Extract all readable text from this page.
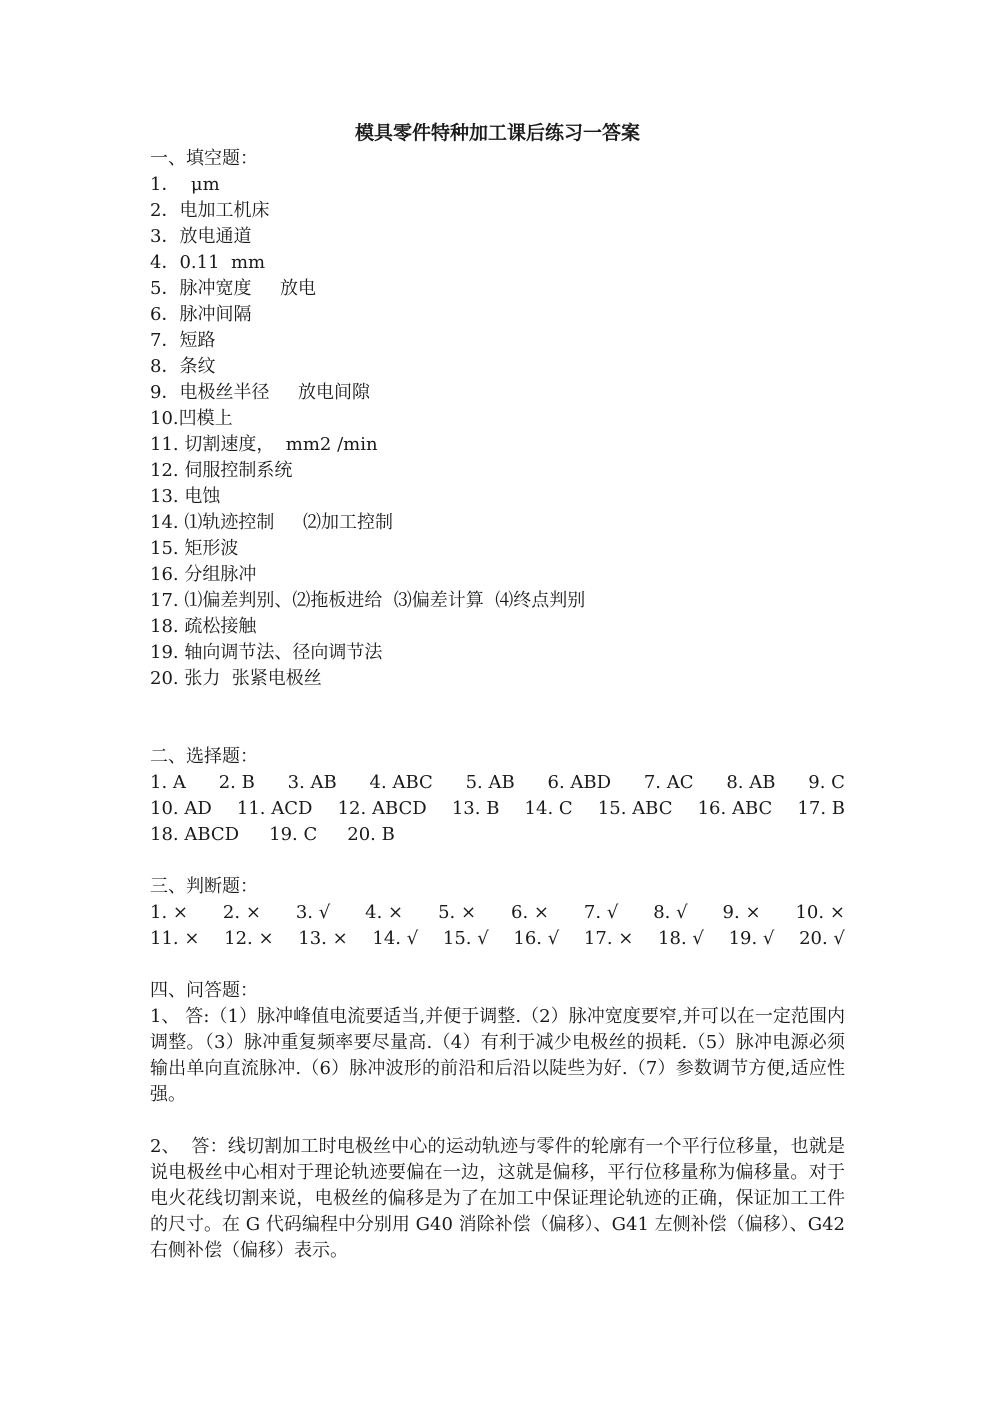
模具零件特种加工课后练习一答案
一、填空题：
1．  μm
2．电加工机床
3．放电通道
4．0.11  mm
5．脉冲宽度     放电
6．脉冲间隔
7．短路
8．条纹
9．电极丝半径     放电间隙
10.凹模上
11. 切割速度，  mm2 /min
12. 伺服控制系统
13. 电蚀
14. ⑴轨迹控制     ⑵加工控制
15. 矩形波
16. 分组脉冲
17. ⑴偏差判别、⑵拖板进给  ⑶偏差计算  ⑷终点判别
18. 疏松接触
19. 轴向调节法、径向调节法
20. 张力  张紧电极丝
二、选择题：
1. A 2. B 3. AB 4. ABC 5. AB 6. ABD 7. AC 8. AB 9. C
10. AD 11. ACD 12. ABCD 13. B 14. C 15. ABC 16. ABC 17. B
18. ABCD 19. C 20. B
三、判断题：
1. × 2. × 3. √ 4. × 5. × 6. × 7. √ 8. √ 9. × 10. ×
11. × 12. × 13. × 14. √ 15. √ 16. √ 17. × 18. √ 19. √ 20. √
四、问答题：
1、 答:（1）脉冲峰值电流要适当,并便于调整.（2）脉冲宽度要窄,并可以在一定范围内调整。（3）脉冲重复频率要尽量高.（4）有利于减少电极丝的损耗.（5）脉冲电源必须输出单向直流脉冲.（6）脉冲波形的前沿和后沿以陡些为好.（7）参数调节方便,适应性强。
2、  答：线切割加工时电极丝中心的运动轨迹与零件的轮廓有一个平行位移量，也就是说电极丝中心相对于理论轨迹要偏在一边，这就是偏移，平行位移量称为偏移量。对于电火花线切割来说，电极丝的偏移是为了在加工中保证理论轨迹的正确，保证加工工件的尺寸。在 G 代码编程中分别用 G40 消除补偿（偏移）、G41 左侧补偿（偏移）、G42 右侧补偿（偏移）表示。
